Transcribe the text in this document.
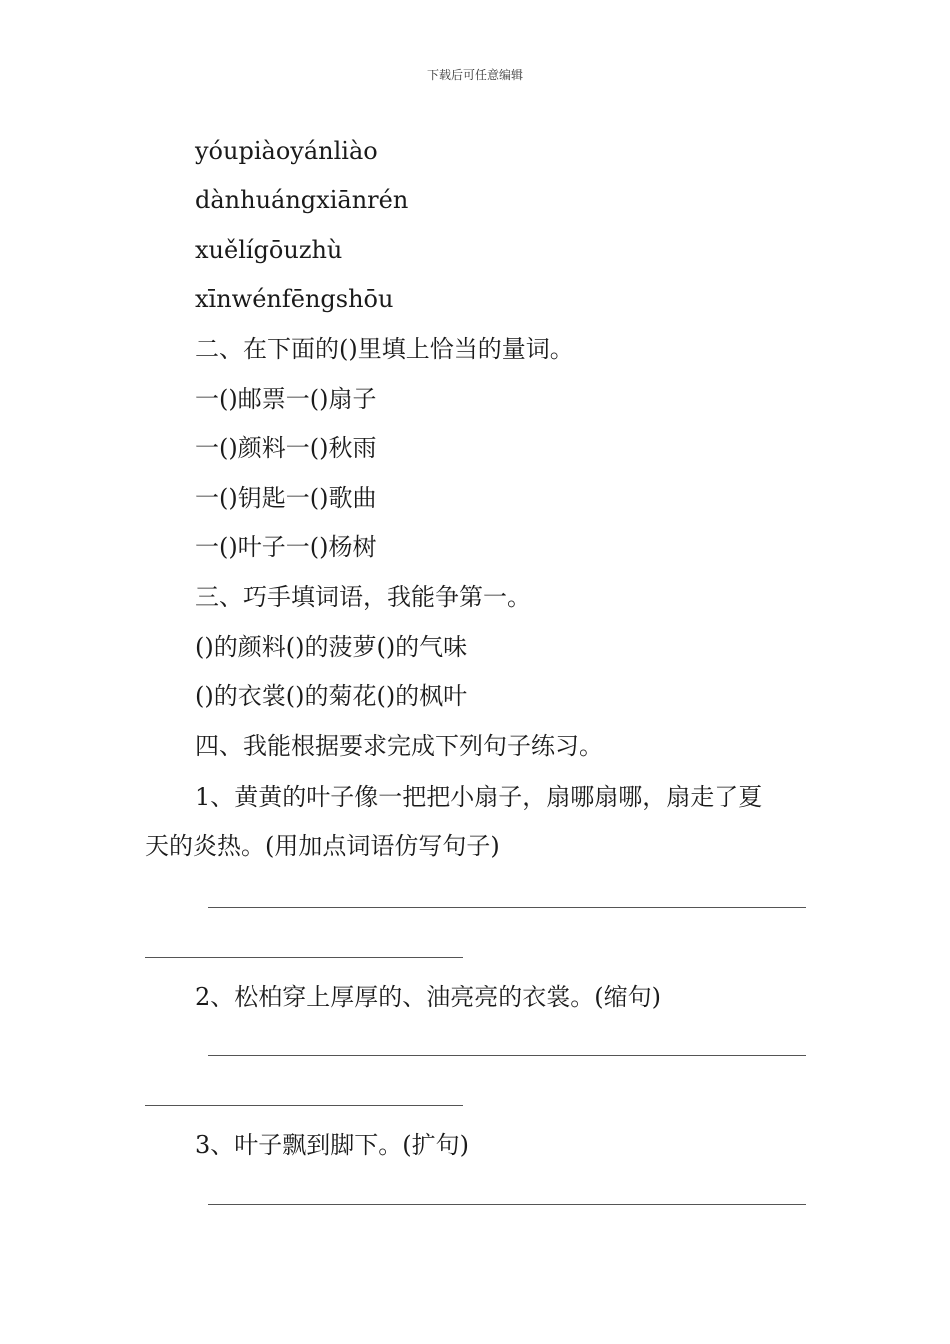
下载后可任意编辑
yóupiàoyánliào
dànhuángxiānrén
xuělígōuzhù
xīnwénfēngshōu
二、在下面的()里填上恰当的量词。
一()邮票一()扇子
一()颜料一()秋雨
一()钥匙一()歌曲
一()叶子一()杨树
三、巧手填词语，我能争第一。
()的颜料()的菠萝()的气味
()的衣裳()的菊花()的枫叶
四、我能根据要求完成下列句子练习。
1、黄黄的叶子像一把把小扇子，扇哪扇哪，扇走了夏
天的炎热。(用加点词语仿写句子)
2、松柏穿上厚厚的、油亮亮的衣裳。(缩句)
3、叶子飘到脚下。(扩句)
